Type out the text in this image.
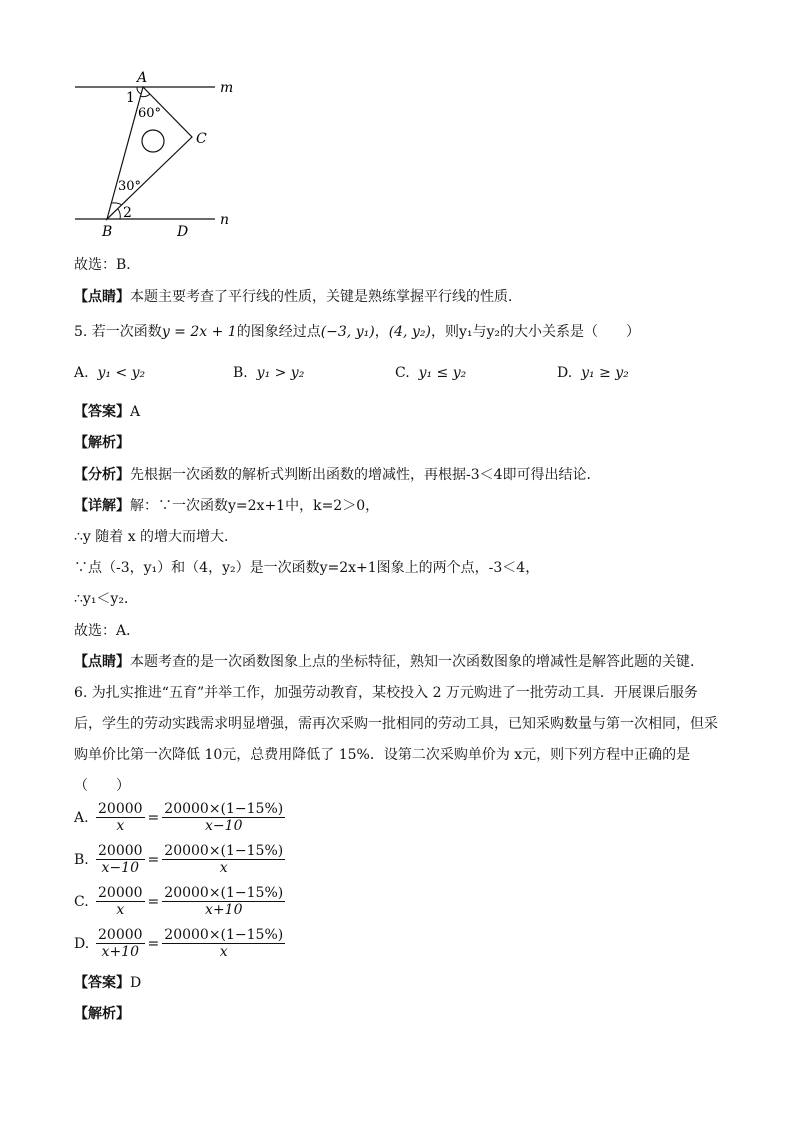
A
1
60°
C
m
30°
2	n
B	D
故选：B．
【点睛】本题主要考查了平行线的性质，关键是熟练掌握平行线的性质．
5. 若一次函数y = 2x + 1的图象经过点(−3, y₁)，(4, y₂)，则y₁与y₂的大小关系是（　　）
A. y₁ < y₂	B. y₁ > y₂	C. y₁ ≤ y₂	D. y₁ ≥ y₂
【答案】A
【解析】
【分析】先根据一次函数的解析式判断出函数的增减性，再根据-3＜4即可得出结论．
【详解】解：∵一次函数y=2x+1中，k=2＞0，
∴y 随着 x 的增大而增大．
∵点（-3，y₁）和（4，y₂）是一次函数y=2x+1图象上的两个点，-3＜4，
∴y₁＜y₂．
故选：A．
【点睛】本题考查的是一次函数图象上点的坐标特征，熟知一次函数图象的增减性是解答此题的关键．
6. 为扎实推进“五育”并举工作，加强劳动教育，某校投入 2 万元购进了一批劳动工具．开展课后服务
后，学生的劳动实践需求明显增强，需再次采购一批相同的劳动工具，已知采购数量与第一次相同，但采
购单价比第一次降低 10元，总费用降低了 15%．设第二次采购单价为 x元，则下列方程中正确的是
（　　）
A. $\frac{20000}{x} = \frac{20000\times(1-15\%)}{x-10}$
B. $\frac{20000}{x-10} = \frac{20000\times(1-15\%)}{x}$
C. $\frac{20000}{x} = \frac{20000\times(1-15\%)}{x+10}$
D. $\frac{20000}{x+10} = \frac{20000\times(1-15\%)}{x}$
【答案】D
【解析】
